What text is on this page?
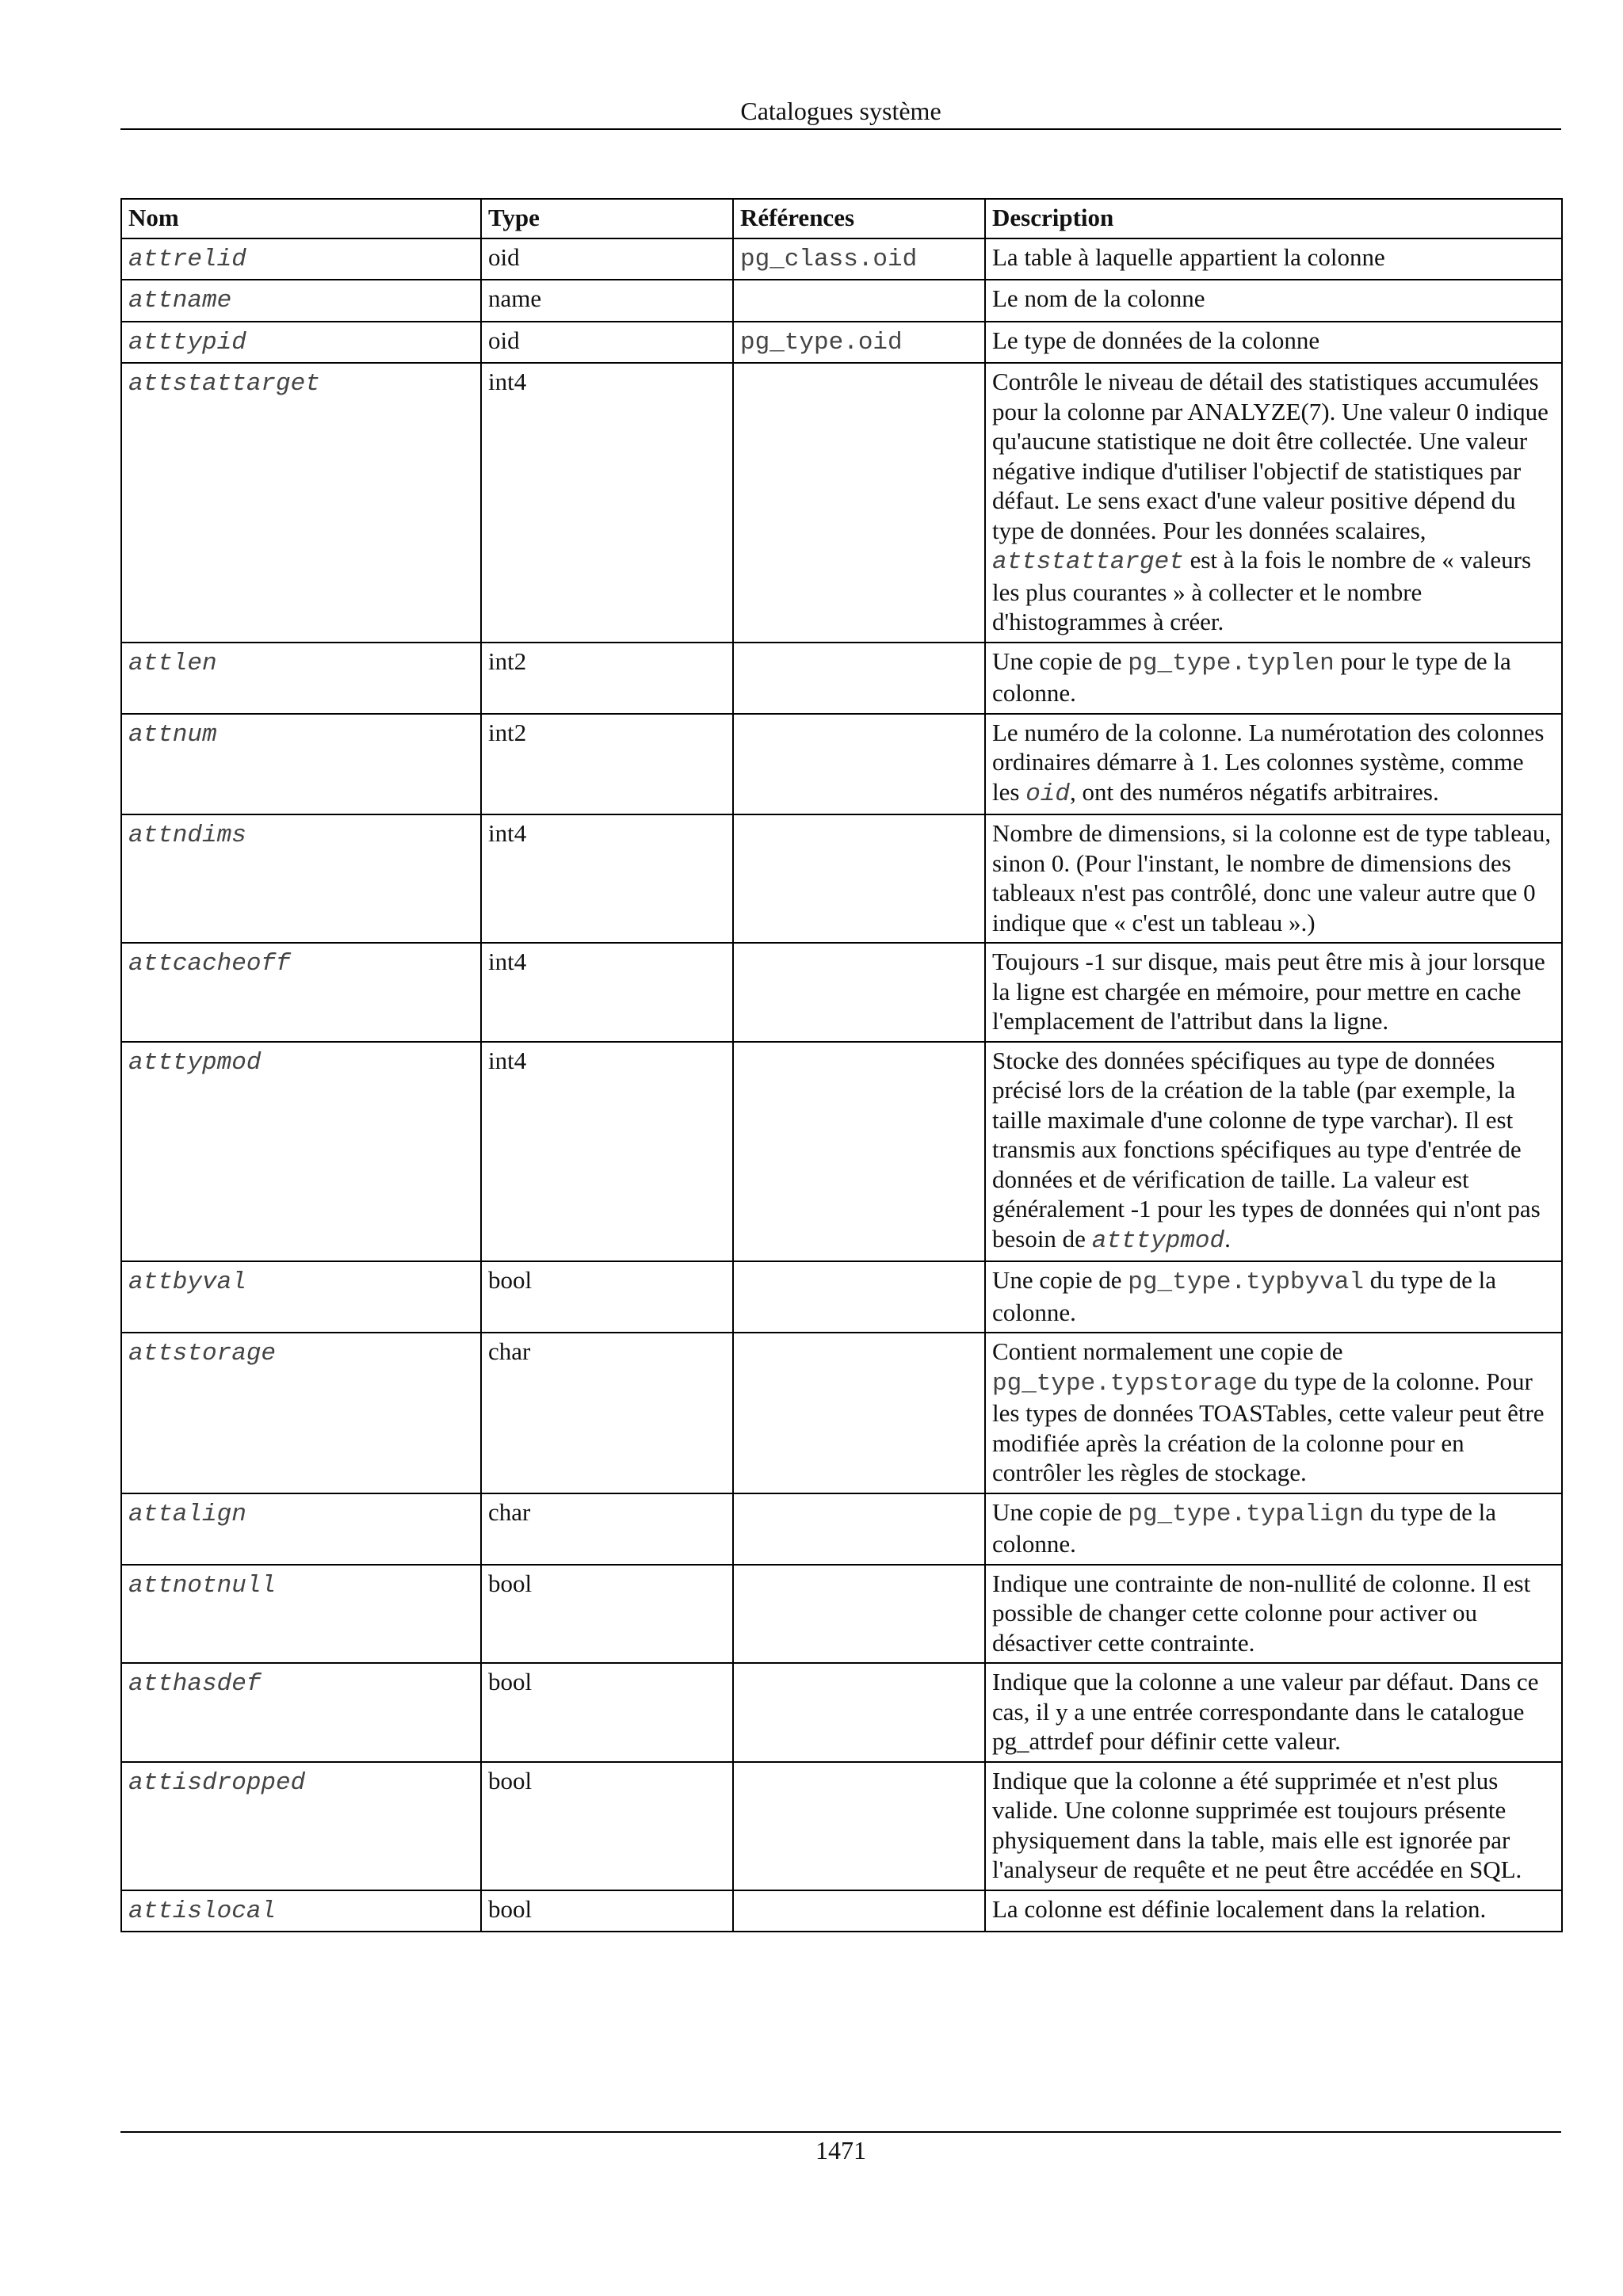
Catalogues système
Nom	Type	Références	Description
attrelid	oid	pg_class.oid	La table à laquelle appartient la colonne
attname	name		Le nom de la colonne
atttypid	oid	pg_type.oid	Le type de données de la colonne
attstattarget	int4		Contrôle le niveau de détail des statistiques accumulées pour la colonne par ANALYZE(7). Une valeur 0 indique qu'aucune statistique ne doit être collectée. Une valeur négative indique d'utiliser l'objectif de statistiques par défaut. Le sens exact d'une valeur positive dépend du type de données. Pour les données scalaires, attstattarget est à la fois le nombre de « valeurs les plus courantes » à collecter et le nombre d'histogrammes à créer.
attlen	int2		Une copie de pg_type.typlen pour le type de la colonne.
attnum	int2		Le numéro de la colonne. La numérotation des colonnes ordinaires démarre à 1. Les colonnes système, comme les oid, ont des numéros négatifs arbitraires.
attndims	int4		Nombre de dimensions, si la colonne est de type tableau, sinon 0. (Pour l'instant, le nombre de dimensions des tableaux n'est pas contrôlé, donc une valeur autre que 0 indique que « c'est un tableau ».)
attcacheoff	int4		Toujours -1 sur disque, mais peut être mis à jour lorsque la ligne est chargée en mémoire, pour mettre en cache l'emplacement de l'attribut dans la ligne.
atttypmod	int4		Stocke des données spécifiques au type de données précisé lors de la création de la table (par exemple, la taille maximale d'une colonne de type varchar). Il est transmis aux fonctions spécifiques au type d'entrée de données et de vérification de taille. La valeur est généralement -1 pour les types de données qui n'ont pas besoin de atttypmod.
attbyval	bool		Une copie de pg_type.typbyval du type de la colonne.
attstorage	char		Contient normalement une copie de pg_type.typstorage du type de la colonne. Pour les types de données TOASTables, cette valeur peut être modifiée après la création de la colonne pour en contrôler les règles de stockage.
attalign	char		Une copie de pg_type.typalign du type de la colonne.
attnotnull	bool		Indique une contrainte de non-nullité de colonne. Il est possible de changer cette colonne pour activer ou désactiver cette contrainte.
atthasdef	bool		Indique que la colonne a une valeur par défaut. Dans ce cas, il y a une entrée correspondante dans le catalogue pg_attrdef pour définir cette valeur.
attisdropped	bool		Indique que la colonne a été supprimée et n'est plus valide. Une colonne supprimée est toujours présente physiquement dans la table, mais elle est ignorée par l'analyseur de requête et ne peut être accédée en SQL.
attislocal	bool		La colonne est définie localement dans la relation.
1471
